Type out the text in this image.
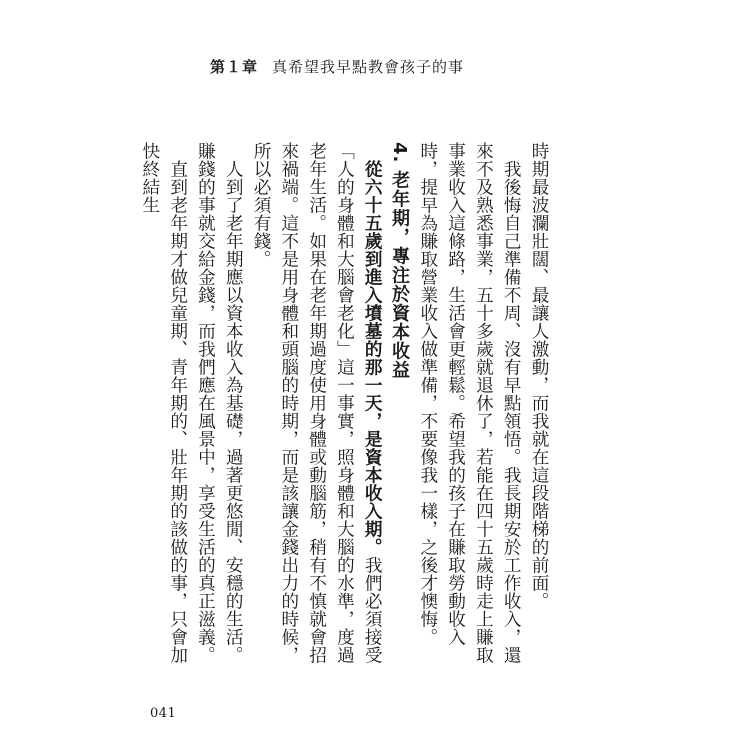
第１章 真希望我早點教會孩子的事

時期最波瀾壯闊、最讓人激動，而我就在這段階梯的前面。

我後悔自己準備不周、沒有早點領悟。我長期安於工作收入，還來不及熟悉事業，五十多歲就退休了，若能在四十五歲時走上賺取事業收入這條路，生活會更輕鬆。希望我的孩子在賺取勞動收入時，提早為賺取營業收入做準備，不要像我一樣，之後才懊悔。

4. 老年期，專注於資本收益

從六十五歲到進入墳墓的那一天，是資本收入期。我們必須接受「人的身體和大腦會老化」這一事實，照身體和大腦的水準，度過老年生活。如果在老年期過度使用身體或動腦筋，稍有不慎就會招來禍端。這不是用身體和頭腦的時期，而是該讓金錢出力的時候，所以必須有錢。

人到了老年期應以資本收入為基礎，過著更悠閒、安穩的生活。賺錢的事就交給金錢，而我們應在風景中，享受生活的真正滋義。

直到老年期才做兒童期、青年期的、壯年期的該做的事，只會加快終結生

041
